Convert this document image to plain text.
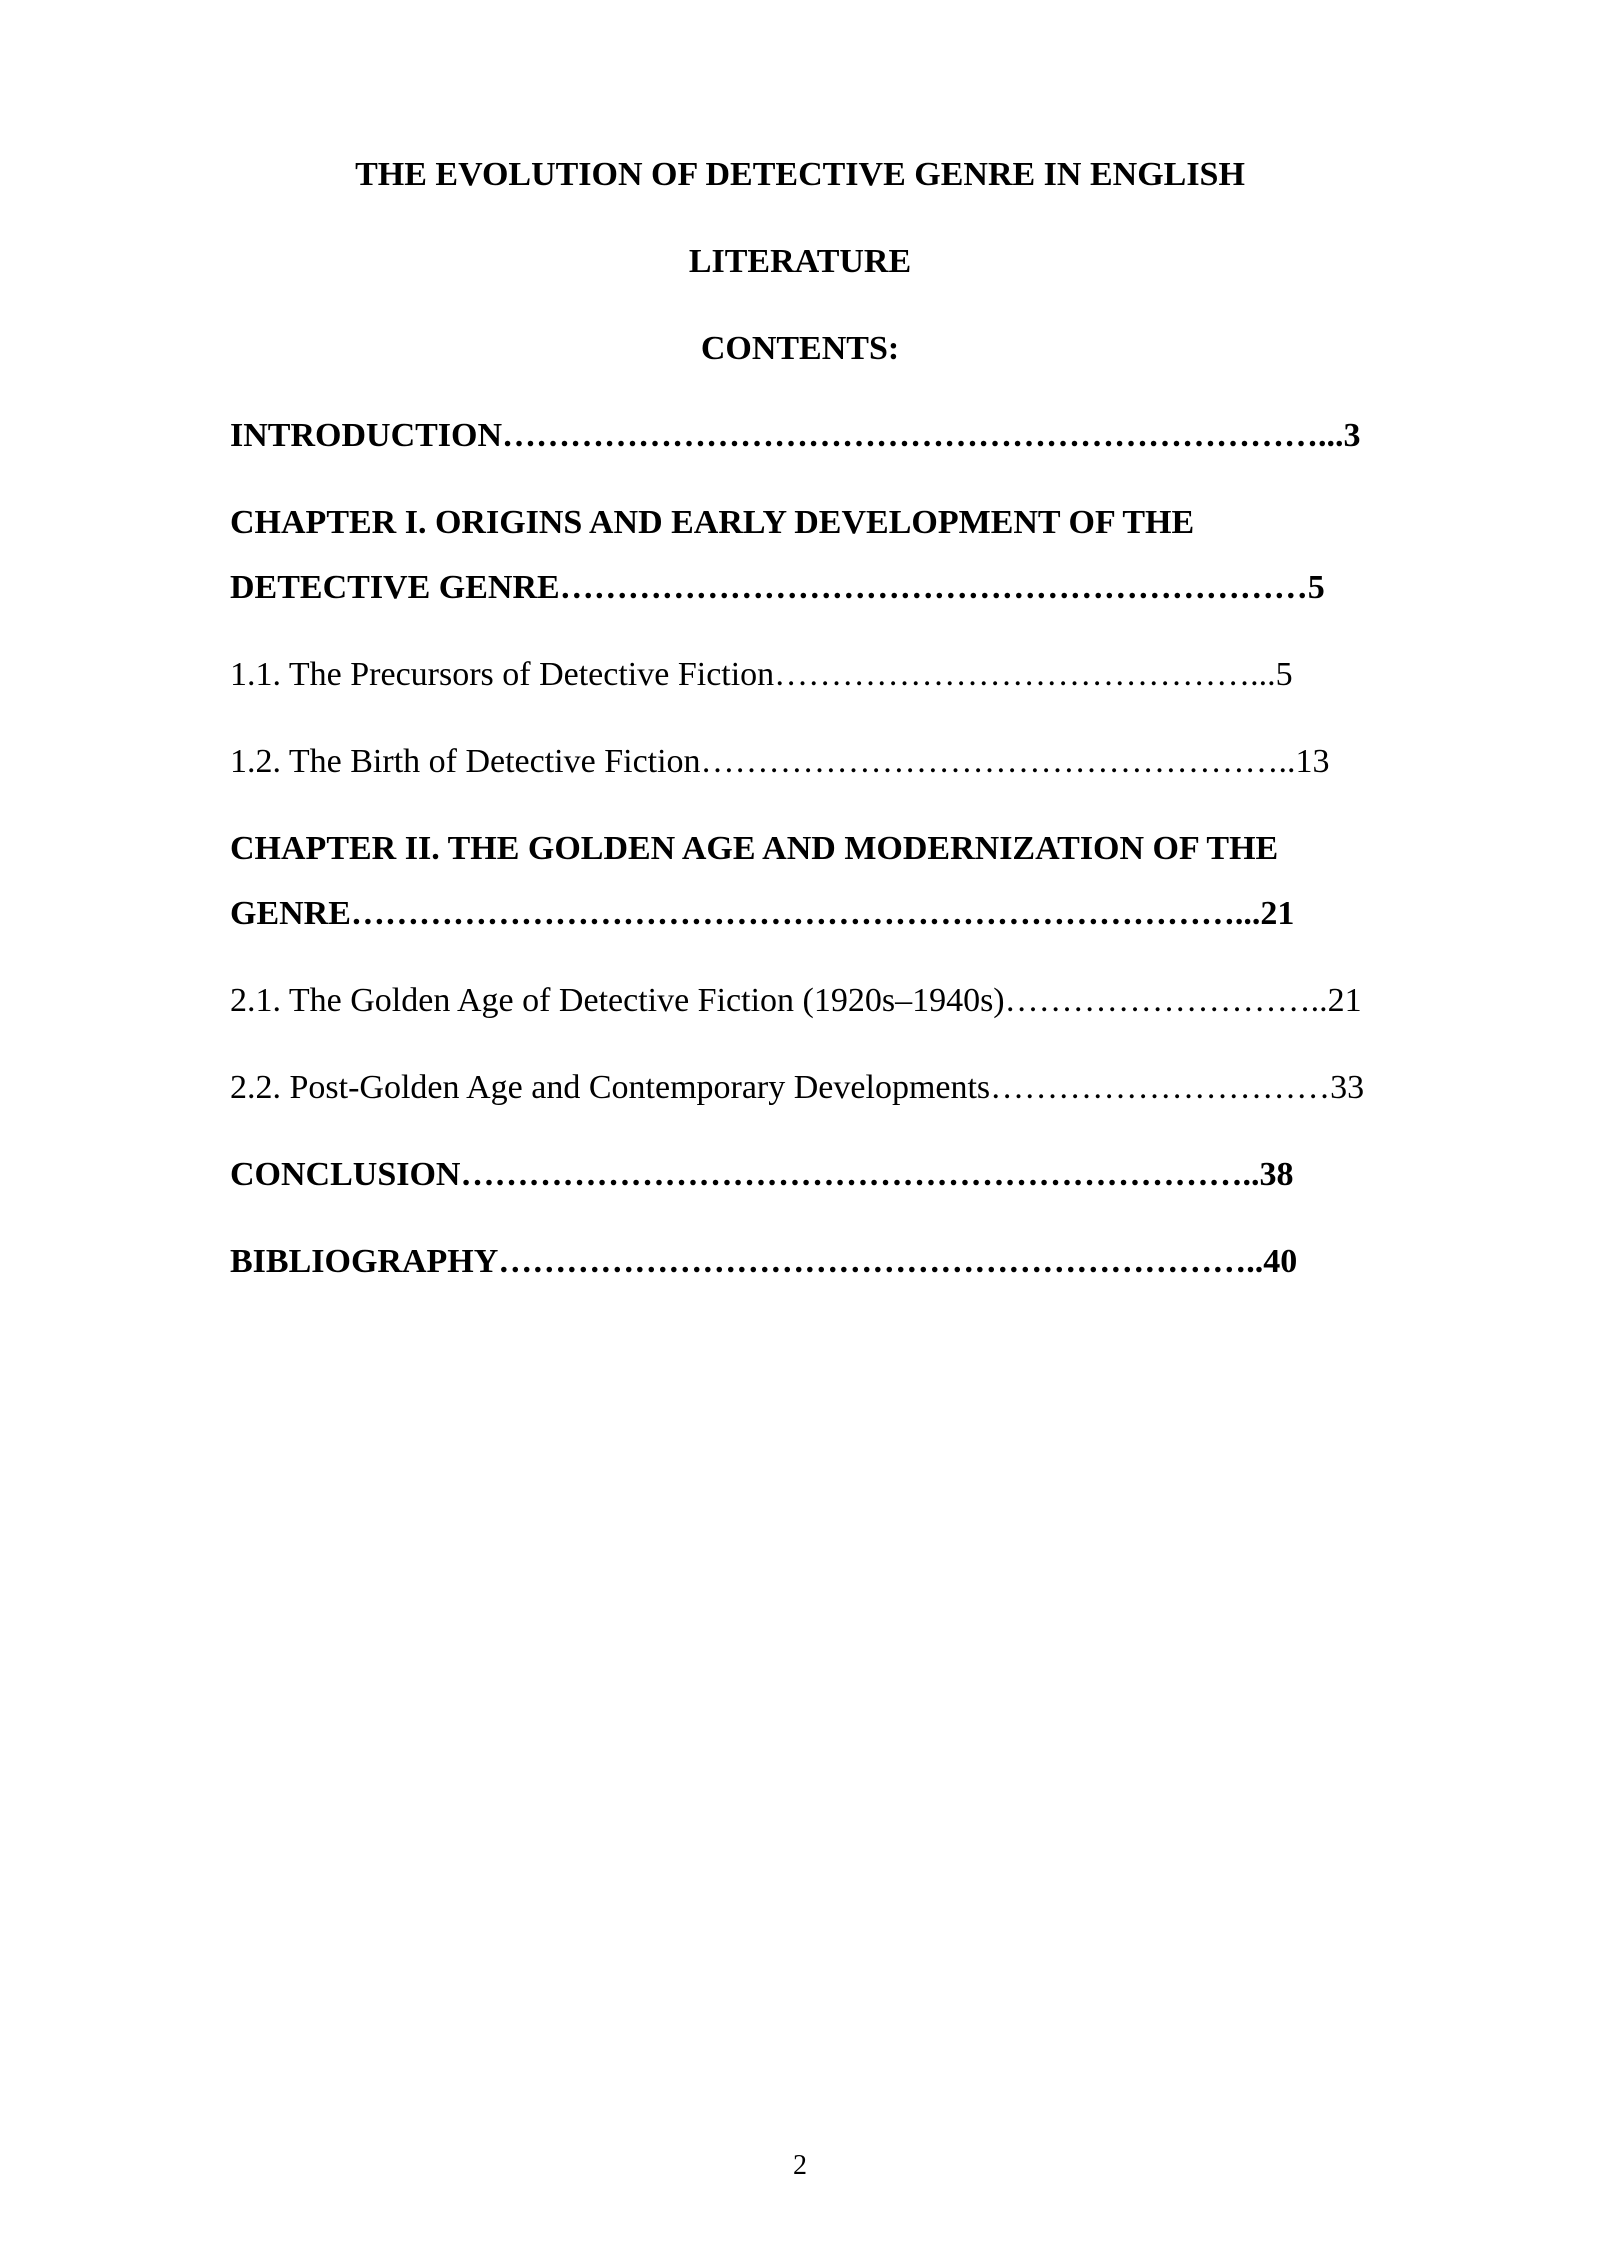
THE EVOLUTION OF DETECTIVE GENRE IN ENGLISH
LITERATURE
CONTENTS:
INTRODUCTION………………………………………………………………...3
CHAPTER I. ORIGINS AND EARLY DEVELOPMENT OF THE
DETECTIVE GENRE…………………………………………………………5
1.1. The Precursors of Detective Fiction……………………………………...5
1.2. The Birth of Detective Fiction……………………………………………..13
CHAPTER II. THE GOLDEN AGE AND MODERNIZATION OF THE
GENRE……………………………………………………………………...21
2.1. The Golden Age of Detective Fiction (1920s–1940s)………………………..21
2.2. Post-Golden Age and Contemporary Developments…………………………33
CONCLUSION……………………………………………………………..38
BIBLIOGRAPHY…………………………………………………………..40
2
